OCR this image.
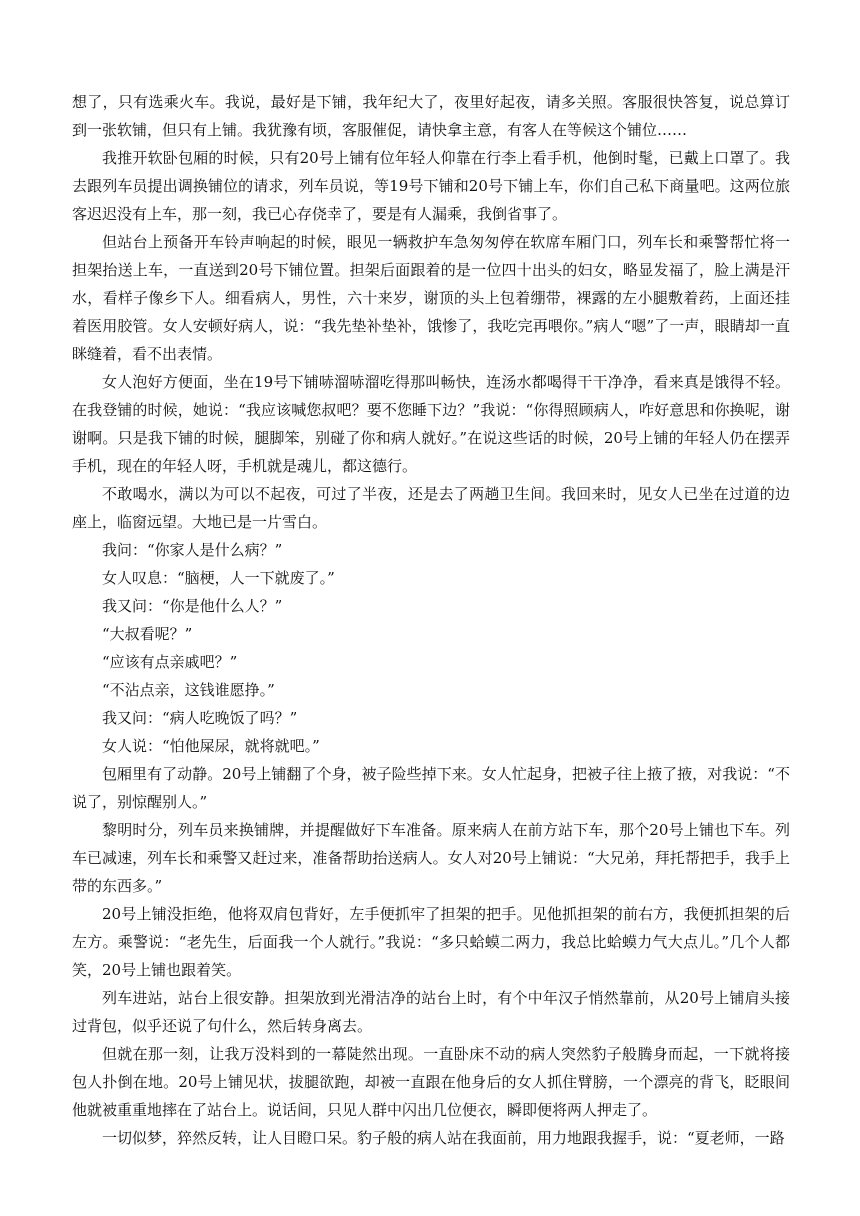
想了，只有选乘火车。我说，最好是下铺，我年纪大了，夜里好起夜，请多关照。客服很快答复，说总算订到一张软铺，但只有上铺。我犹豫有顷，客服催促，请快拿主意，有客人在等候这个铺位……

我推开软卧包厢的时候，只有20号上铺有位年轻人仰靠在行李上看手机，他倒时髦，已戴上口罩了。我去跟列车员提出调换铺位的请求，列车员说，等19号下铺和20号下铺上车，你们自己私下商量吧。这两位旅客迟迟没有上车，那一刻，我已心存侥幸了，要是有人漏乘，我倒省事了。

但站台上预备开车铃声响起的时候，眼见一辆救护车急匆匆停在软席车厢门口，列车长和乘警帮忙将一担架抬送上车，一直送到20号下铺位置。担架后面跟着的是一位四十出头的妇女，略显发福了，脸上满是汗水，看样子像乡下人。细看病人，男性，六十来岁，谢顶的头上包着绷带，裸露的左小腿敷着药，上面还挂着医用胶管。女人安顿好病人，说：“我先垫补垫补，饿惨了，我吃完再喂你。”病人“嗯”了一声，眼睛却一直眯缝着，看不出表情。

女人泡好方便面，坐在19号下铺哧溜哧溜吃得那叫畅快，连汤水都喝得干干净净，看来真是饿得不轻。在我登铺的时候，她说：“我应该喊您叔吧？要不您睡下边？”我说：“你得照顾病人，咋好意思和你换呢，谢谢啊。只是我下铺的时候，腿脚笨，别碰了你和病人就好。”在说这些话的时候，20号上铺的年轻人仍在摆弄手机，现在的年轻人呀，手机就是魂儿，都这德行。

不敢喝水，满以为可以不起夜，可过了半夜，还是去了两趟卫生间。我回来时，见女人已坐在过道的边座上，临窗远望。大地已是一片雪白。

我问：“你家人是什么病？”

女人叹息：“脑梗，人一下就废了。”

我又问：“你是他什么人？”

“大叔看呢？”

“应该有点亲戚吧？”

“不沾点亲，这钱谁愿挣。”

我又问：“病人吃晚饭了吗？”

女人说：“怕他屎尿，就将就吧。”

包厢里有了动静。20号上铺翻了个身，被子险些掉下来。女人忙起身，把被子往上掖了掖，对我说：“不说了，别惊醒别人。”

黎明时分，列车员来换铺牌，并提醒做好下车准备。原来病人在前方站下车，那个20号上铺也下车。列车已减速，列车长和乘警又赶过来，准备帮助抬送病人。女人对20号上铺说：“大兄弟，拜托帮把手，我手上带的东西多。”

20号上铺没拒绝，他将双肩包背好，左手便抓牢了担架的把手。见他抓担架的前右方，我便抓担架的后左方。乘警说：“老先生，后面我一个人就行。”我说：“多只蛤蟆二两力，我总比蛤蟆力气大点儿。”几个人都笑，20号上铺也跟着笑。

列车进站，站台上很安静。担架放到光滑洁净的站台上时，有个中年汉子悄然靠前，从20号上铺肩头接过背包，似乎还说了句什么，然后转身离去。

但就在那一刻，让我万没料到的一幕陡然出现。一直卧床不动的病人突然豹子般腾身而起，一下就将接包人扑倒在地。20号上铺见状，拔腿欲跑，却被一直跟在他身后的女人抓住臂膀，一个漂亮的背飞，眨眼间他就被重重地摔在了站台上。说话间，只见人群中闪出几位便衣，瞬即便将两人押走了。

一切似梦，猝然反转，让人目瞪口呆。豹子般的病人站在我面前，用力地跟我握手，说：“夏老师，一路
